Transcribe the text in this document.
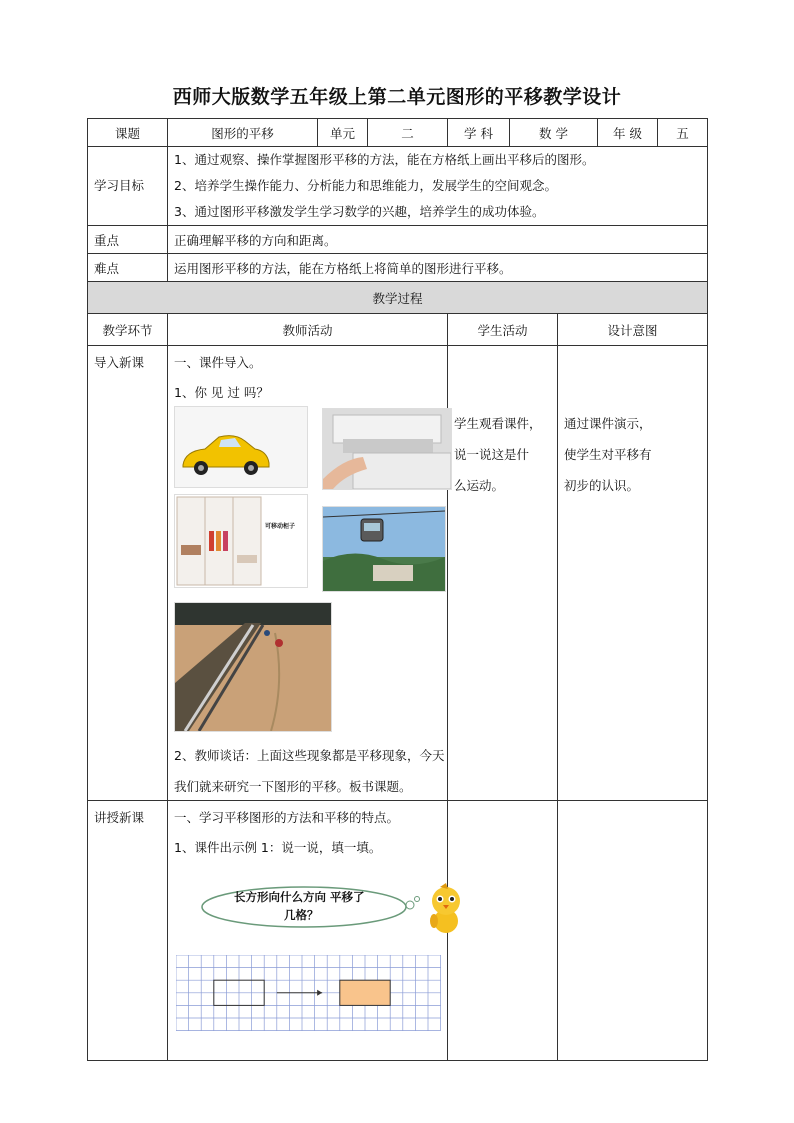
西师大版数学五年级上第二单元图形的平移教学设计
课题	图形的平移	单元	二	学 科	数 学		年 级	五
学习目标	1、通过观察、操作掌握图形平移的方法，能在方格纸上画出平移后的图形。
2、培养学生操作能力、分析能力和思维能力，发展学生的空间观念。
3、通过图形平移激发学生学习数学的兴趣，培养学生的成功体验。							

重点	正确理解平移的方向和距离。							
难点	运用图形平移的方法，能在方格纸上将简单的图形进行平移。							
教学过程								
教学环节	教师活动			学生活动		设计意图		

导入新课	一、课件导入。
1、你 见 过 吗？
可移动柜子
2、教师谈话：上面这些现象都是平移现象，今天
我们就来研究一下图形的平移。板书课题。			学生观看课件，
说一说这是什
么运动。		通过课件演示，
使学生对平移有
初步的认识。		

讲授新课	一、学习平移图形的方法和平移的特点。
1、课件出示例 1：说一说，填一填。
长方形向什么方向 平移了
几格？							
